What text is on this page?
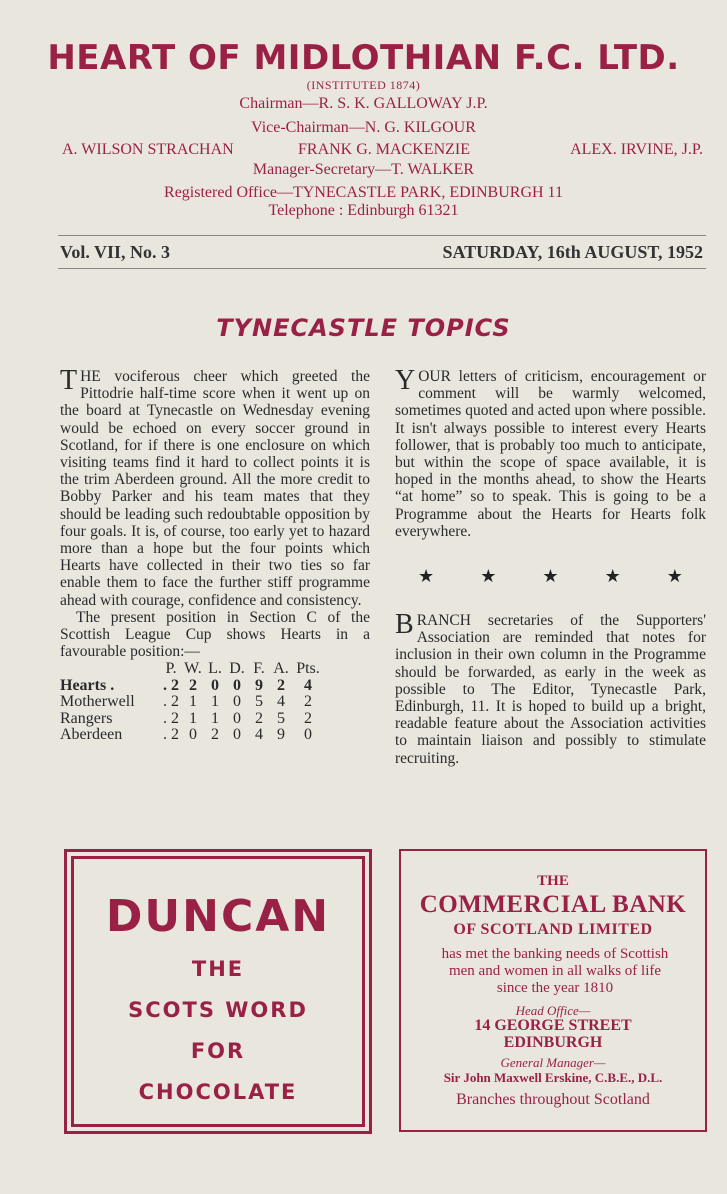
HEART OF MIDLOTHIAN F.C. LTD.
(INSTITUTED 1874)
Chairman—R. S. K. GALLOWAY J.P.
Vice-Chairman—N. G. KILGOUR
A. WILSON STRACHAN	FRANK G. MACKENZIE	ALEX. IRVINE, J.P.
Manager-Secretary—T. WALKER
Registered Office—TYNECASTLE PARK, EDINBURGH 11
Telephone : Edinburgh 61321
Vol. VII, No. 3	SATURDAY, 16th AUGUST, 1952
TYNECASTLE TOPICS

THE vociferous cheer which greeted the Pittodrie half-time score when it went up on the board at Tynecastle on Wednesday evening would be echoed on every soccer ground in Scotland, for if there is one enclosure on which visiting teams find it hard to collect points it is the trim Aberdeen ground. All the more credit to Bobby Parker and his team mates that they should be leading such redoubtable opposition by four goals. It is, of course, too early yet to hazard more than a hope but the four points which Hearts have collected in their two ties so far enable them to face the further stiff programme ahead with courage, confidence and consistency.

The present position in Section C of the Scottish League Cup shows Hearts in a favourable position:—

	P.	W.	L.	D.	F.	A.	Pts.
Hearts .	. 2	2	0	0	9	2	4
Motherwell	. 2	1	1	0	5	4	2
Rangers	. 2	1	1	0	2	5	2
Aberdeen	. 2	0	2	0	4	9	0

YOUR letters of criticism, encouragement or comment will be warmly welcomed, sometimes quoted and acted upon where possible. It isn't always possible to interest every Hearts follower, that is probably too much to anticipate, but within the scope of space available, it is hoped in the months ahead, to show the Hearts “at home” so to speak. This is going to be a Programme about the Hearts for Hearts folk everywhere.

★	★	★	★	★

BRANCH secretaries of the Supporters' Association are reminded that notes for inclusion in their own column in the Programme should be forwarded, as early in the week as possible to The Editor, Tynecastle Park, Edinburgh, 11. It is hoped to build up a bright, readable feature about the Association activities to maintain liaison and possibly to stimulate recruiting.

DUNCAN
THE
SCOTS WORD
FOR
CHOCOLATE
THE
COMMERCIAL BANK
OF SCOTLAND LIMITED
has met the banking needs of Scottish men and women in all walks of life since the year 1810
Head Office—
14 GEORGE STREET
EDINBURGH
General Manager—
Sir John Maxwell Erskine, C.B.E., D.L.
Branches throughout Scotland
